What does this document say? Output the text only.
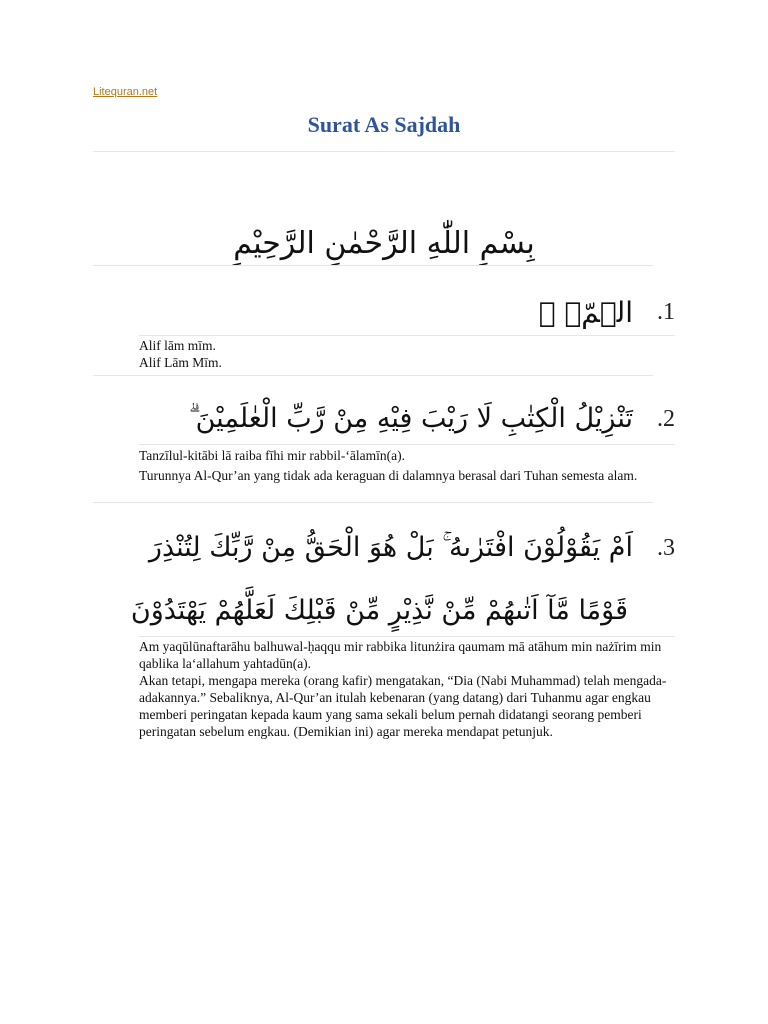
Litequran.net
Surat As Sajdah
بِسْمِ اللّٰهِ الرَّحْمٰنِ الرَّحِيْمِ
الۤمّۤ ۚ .1
Alif lām mīm.
Alif Lām Mīm.
تَنْزِيْلُ الْكِتٰبِ لَا رَيْبَ فِيْهِ مِنْ رَّبِّ الْعٰلَمِيْنَ ۗ .2
Tanzīlul-kitābi lā raiba fīhi mir rabbil-‘ālamīn(a).
Turunnya Al-Qur’an yang tidak ada keraguan di dalamnya berasal dari Tuhan semesta alam.
اَمْ يَقُوْلُوْنَ افْتَرٰىهُ ۚ بَلْ هُوَ الْحَقُّ مِنْ رَّبِّكَ لِتُنْذِرَ .3
قَوْمًا مَّآ اَتٰىهُمْ مِّنْ نَّذِيْرٍ مِّنْ قَبْلِكَ لَعَلَّهُمْ يَهْتَدُوْنَ
Am yaqūlūnaftarāhu balhuwal-ḥaqqu mir rabbika litunżira qaumam mā atāhum min nażīrim min qablika la‘allahum yahtadūn(a).
Akan tetapi, mengapa mereka (orang kafir) mengatakan, “Dia (Nabi Muhammad) telah mengada-adakannya.” Sebaliknya, Al-Qur’an itulah kebenaran (yang datang) dari Tuhanmu agar engkau memberi peringatan kepada kaum yang sama sekali belum pernah didatangi seorang pemberi peringatan sebelum engkau. (Demikian ini) agar mereka mendapat petunjuk.
